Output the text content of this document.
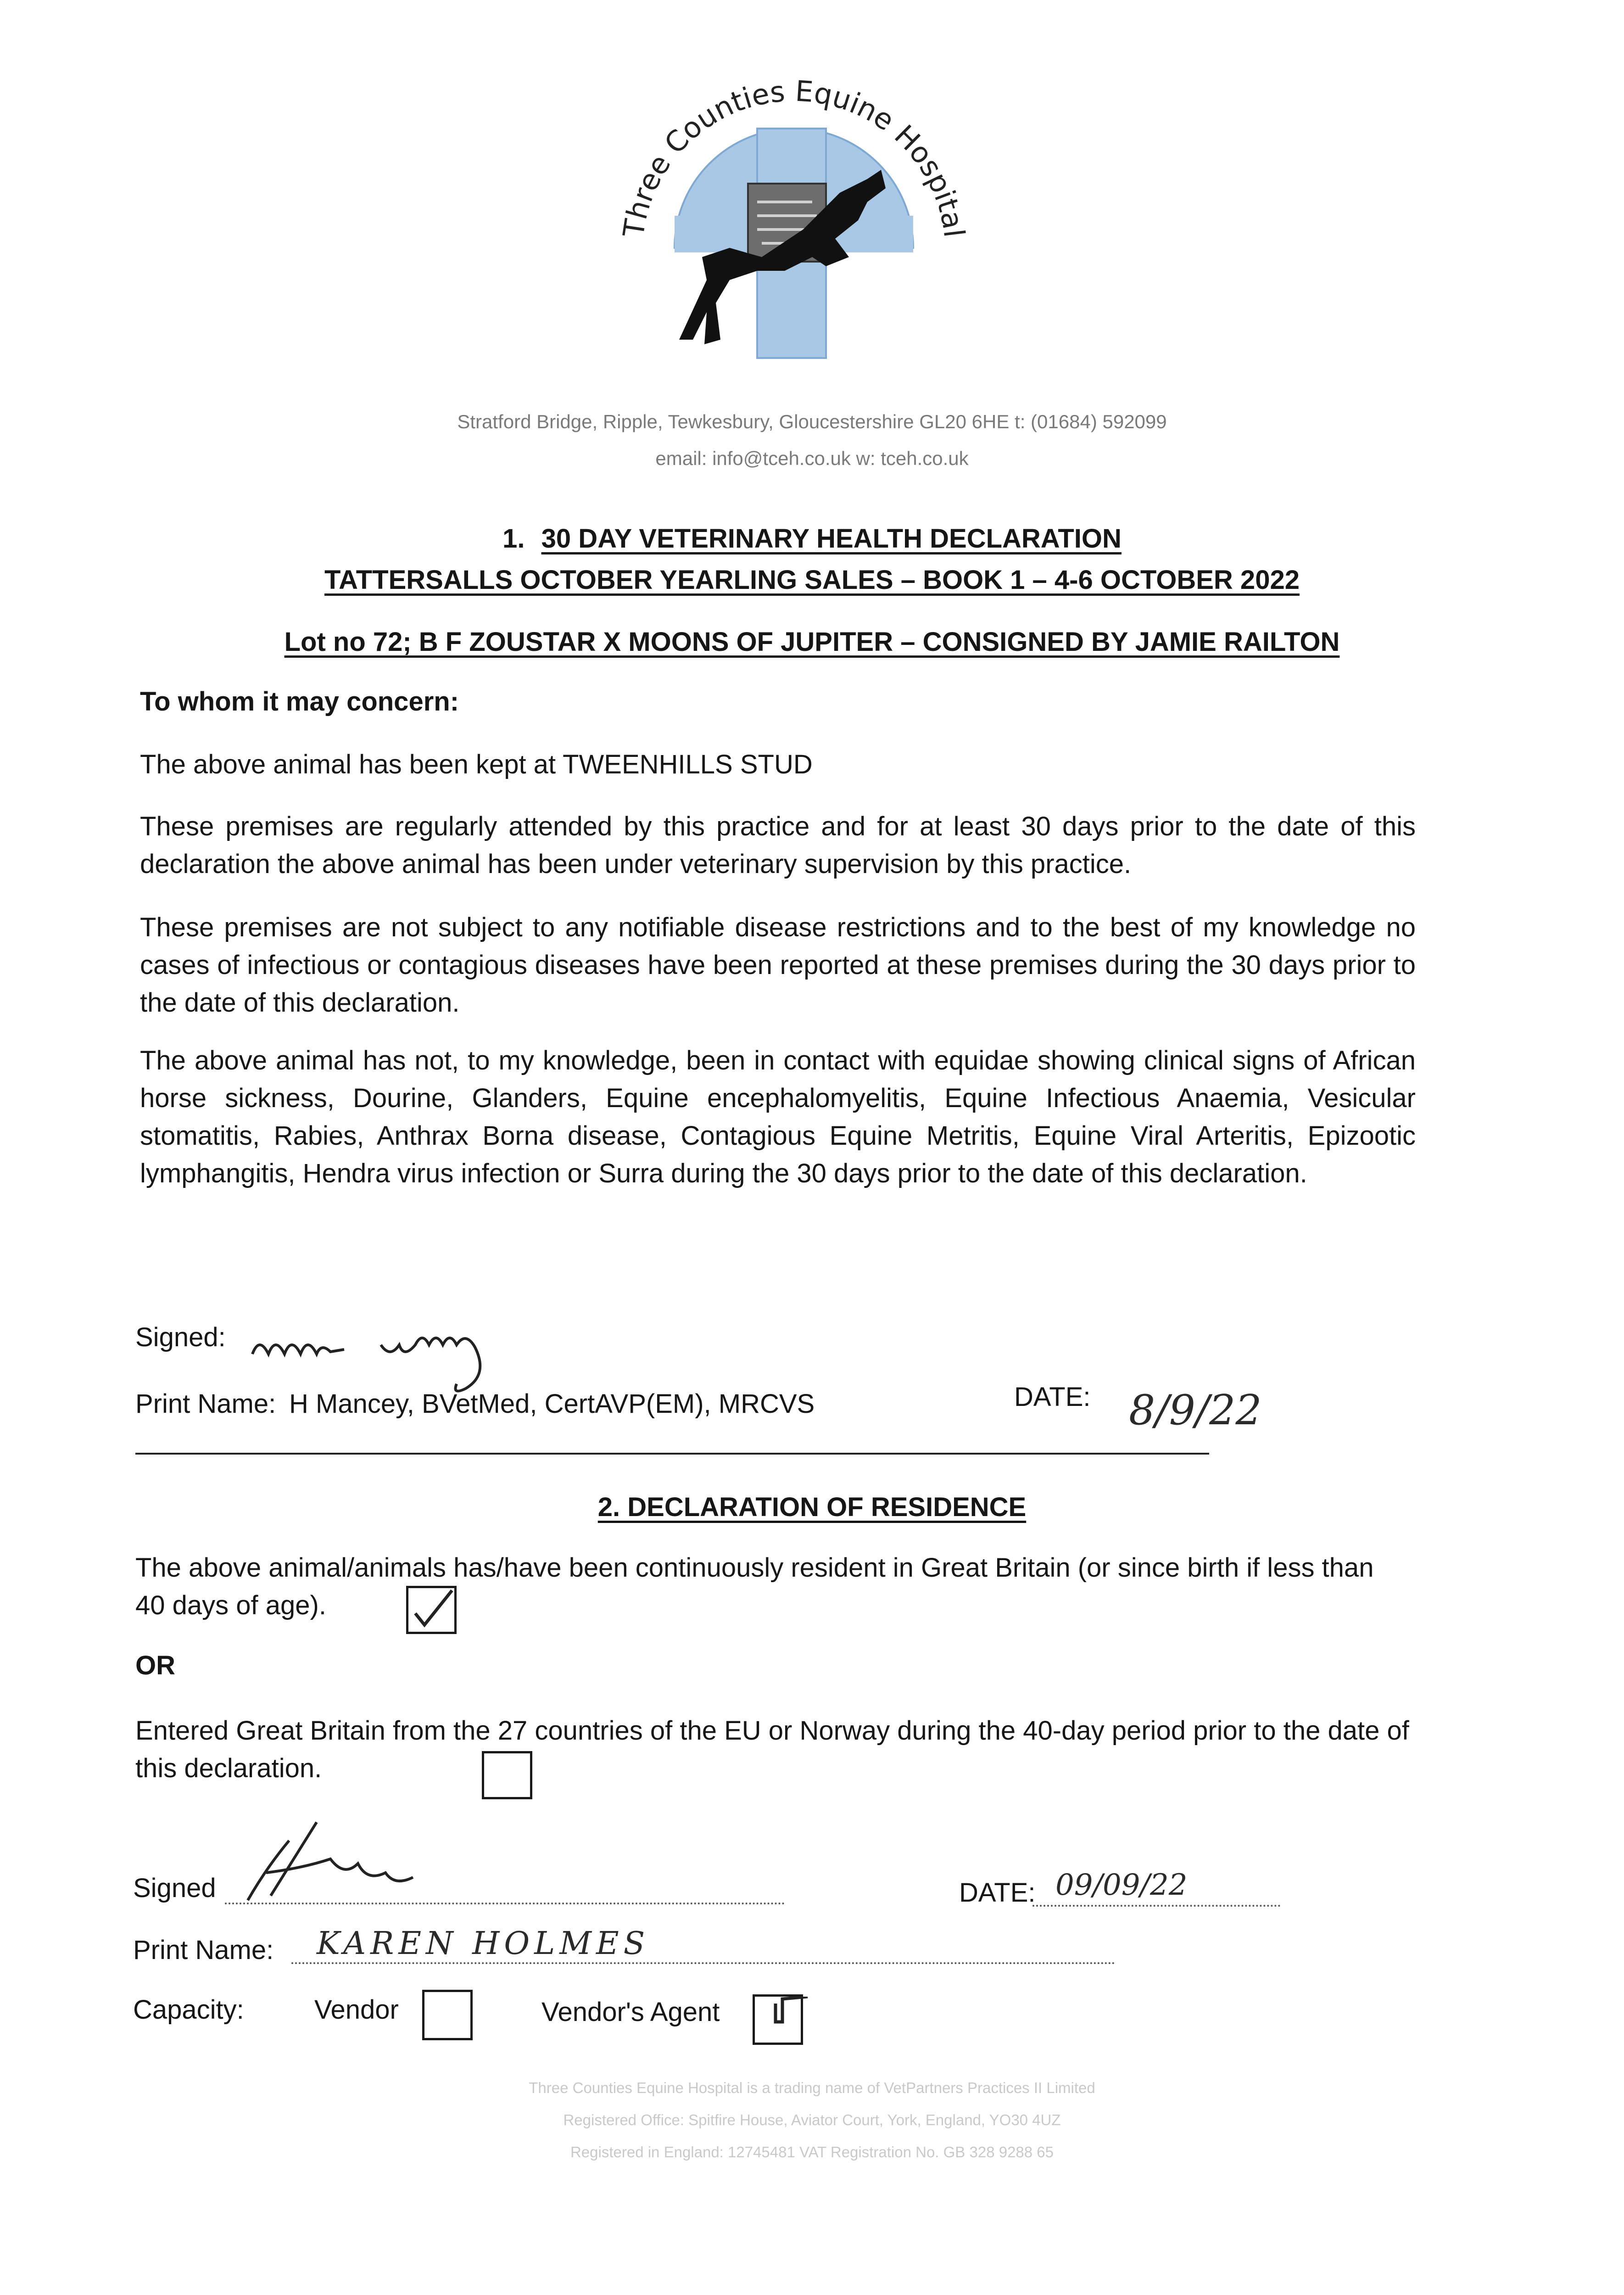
Three Counties Equine Hospital
Stratford Bridge, Ripple, Tewkesbury, Gloucestershire GL20 6HE t: (01684) 592099
email: info@tceh.co.uk w: tceh.co.uk
1. 30 DAY VETERINARY HEALTH DECLARATION
TATTERSALLS OCTOBER YEARLING SALES – BOOK 1 – 4-6 OCTOBER 2022
Lot no 72; B F ZOUSTAR X MOONS OF JUPITER – CONSIGNED BY JAMIE RAILTON
To whom it may concern:
The above animal has been kept at TWEENHILLS STUD
These premises are regularly attended by this practice and for at least 30 days prior to the date of this declaration the above animal has been under veterinary supervision by this practice.
These premises are not subject to any notifiable disease restrictions and to the best of my knowledge no cases of infectious or contagious diseases have been reported at these premises during the 30 days prior to the date of this declaration.
The above animal has not, to my knowledge, been in contact with equidae showing clinical signs of African horse sickness, Dourine, Glanders, Equine encephalomyelitis, Equine Infectious Anaemia, Vesicular stomatitis, Rabies, Anthrax Borna disease, Contagious Equine Metritis, Equine Viral Arteritis, Epizootic lymphangitis, Hendra virus infection or Surra during the 30 days prior to the date of this declaration.
Signed:
Print Name: H Mancey, BVetMed, CertAVP(EM), MRCVS	DATE: 8/9/22
2. DECLARATION OF RESIDENCE
The above animal/animals has/have been continuously resident in Great Britain (or since birth if less than 40 days of age).
OR
Entered Great Britain from the 27 countries of the EU or Norway during the 40-day period prior to the date of this declaration.
Signed	DATE: 09/09/22
Print Name: KAREN HOLMES
Capacity:	Vendor	Vendor's Agent
Three Counties Equine Hospital is a trading name of VetPartners Practices II Limited
Registered Office: Spitfire House, Aviator Court, York, England, YO30 4UZ
Registered in England: 12745481 VAT Registration No. GB 328 9288 65
